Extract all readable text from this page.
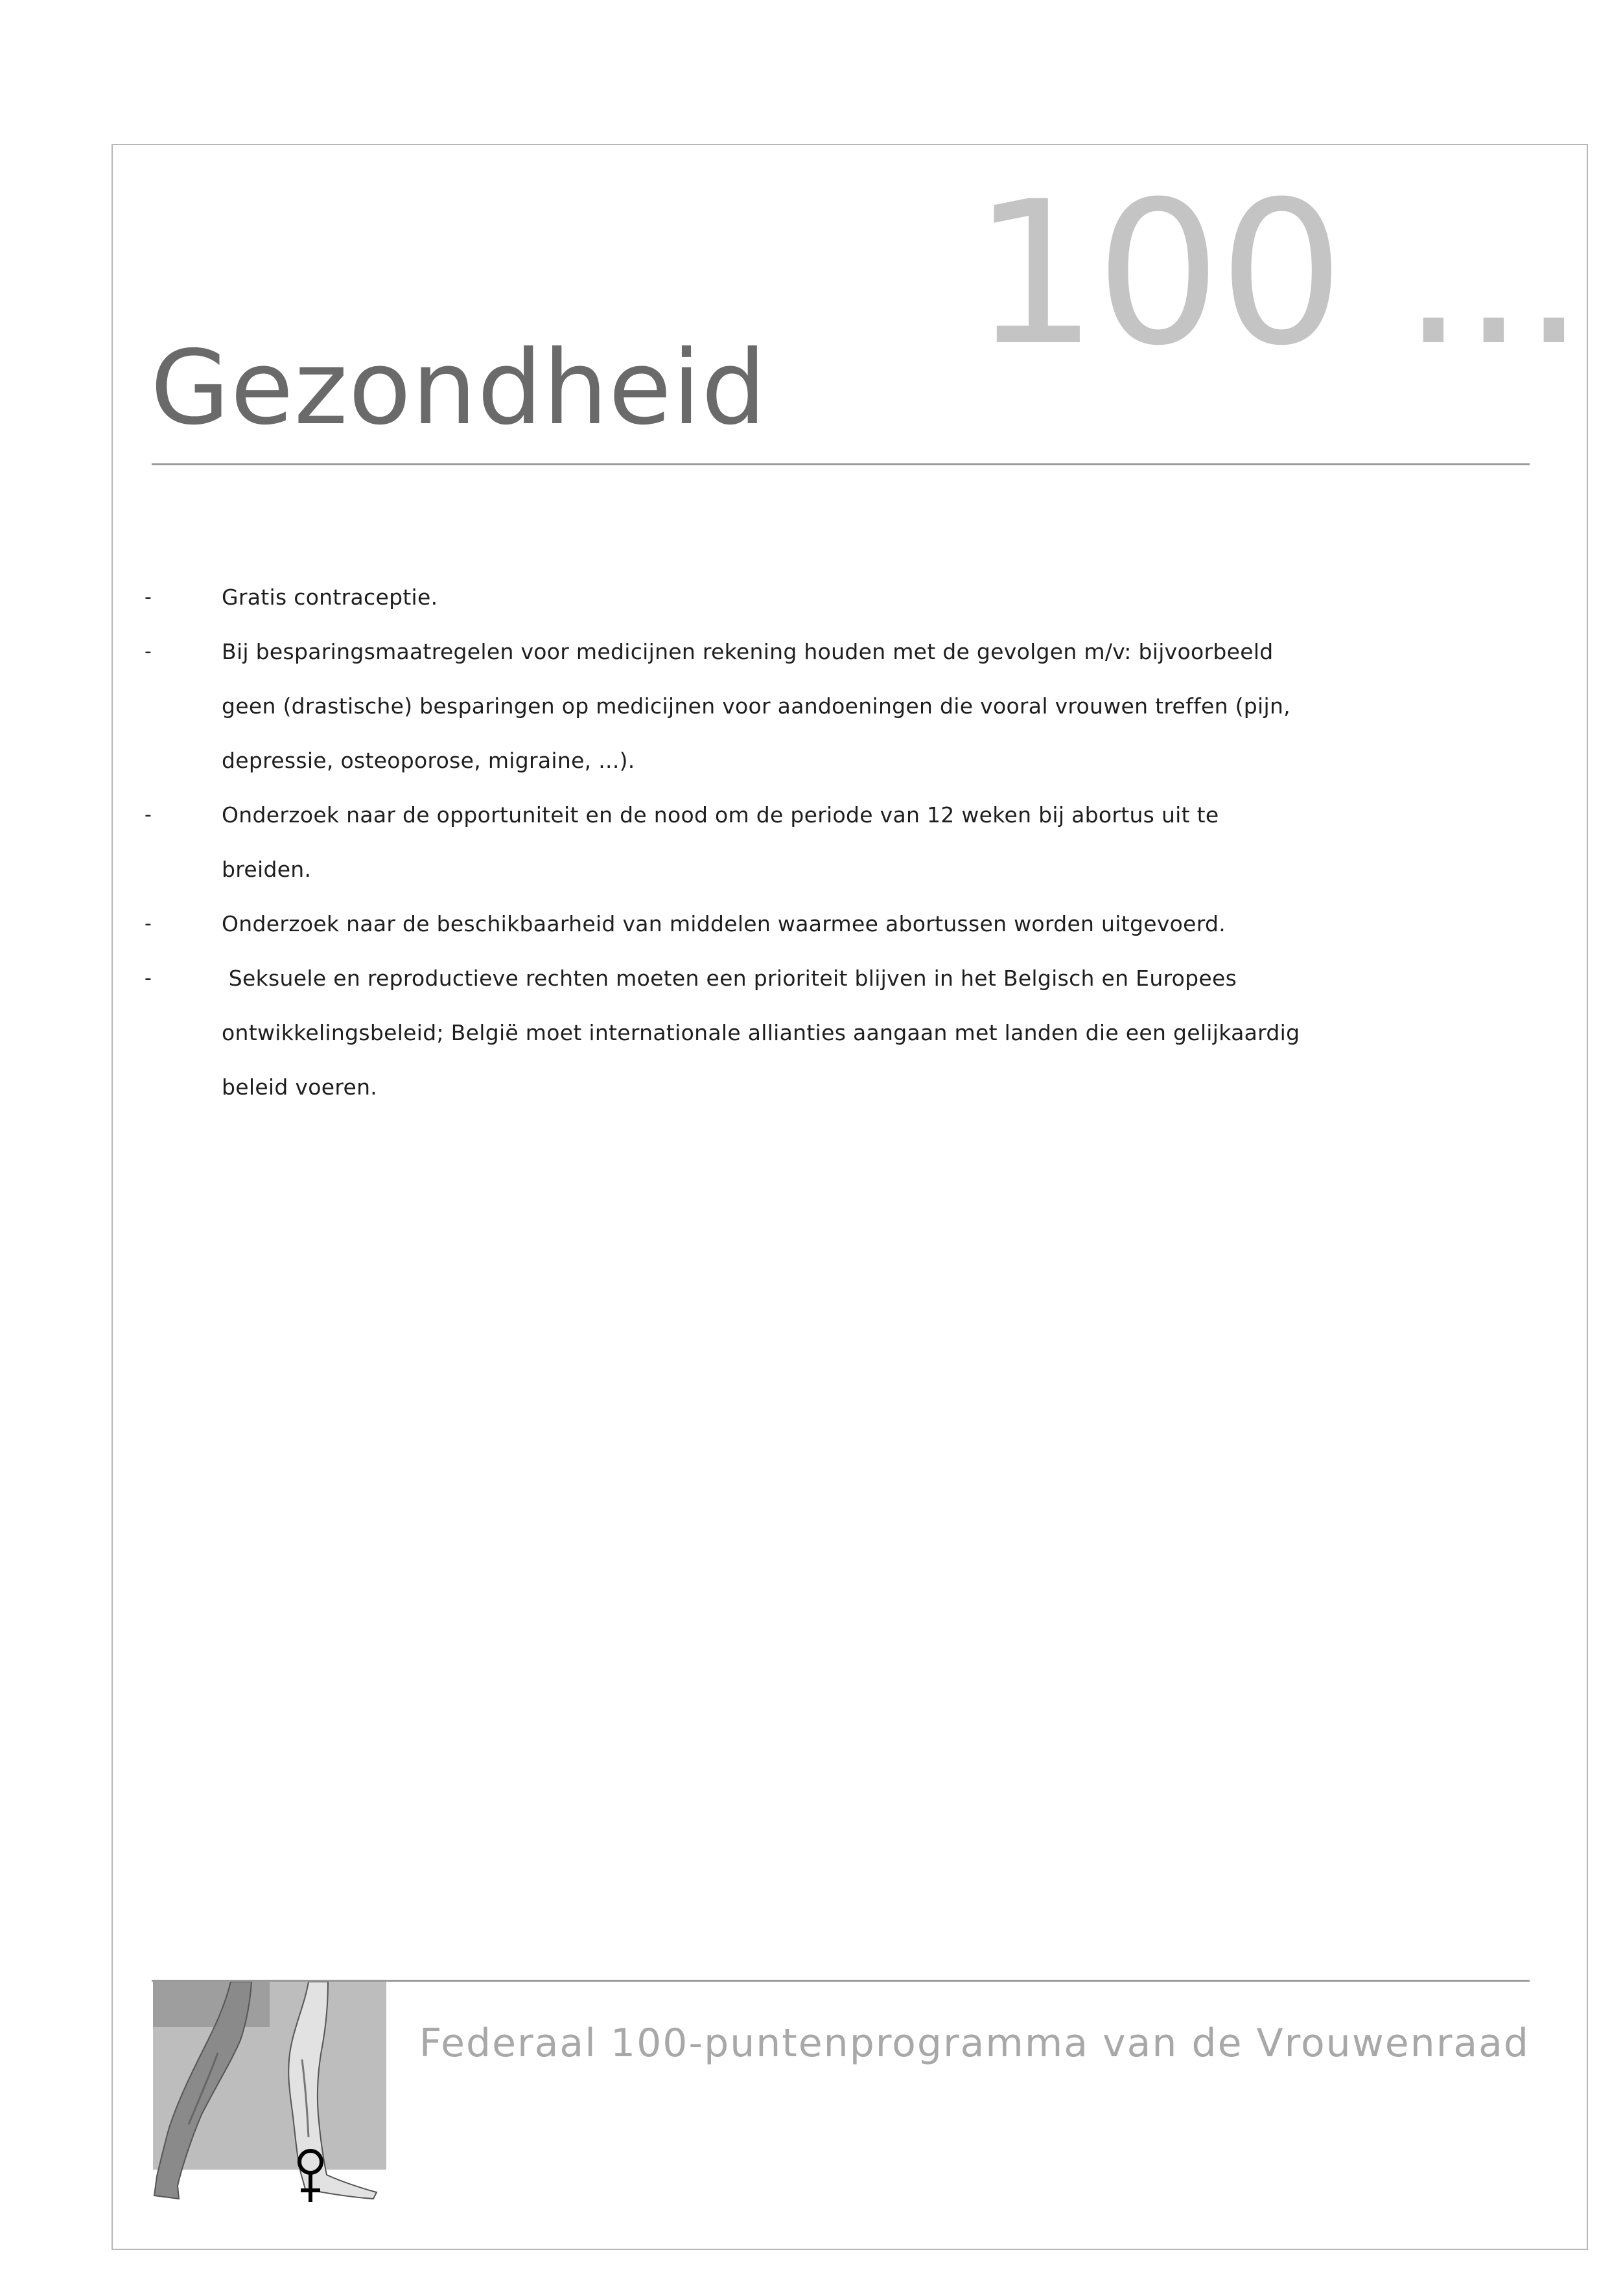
100 ...
Gezondheid
-	Gratis contraceptie.
-	Bij besparingsmaatregelen voor medicijnen rekening houden met de gevolgen m/v: bijvoorbeeld
geen (drastische) besparingen op medicijnen voor aandoeningen die vooral vrouwen treffen (pijn,
depressie, osteoporose, migraine, ...).
-	Onderzoek naar de opportuniteit en de nood om de periode van 12 weken bij abortus uit te
breiden.
-	Onderzoek naar de beschikbaarheid van middelen waarmee abortussen worden uitgevoerd.
-	Seksuele en reproductieve rechten moeten een prioriteit blijven in het Belgisch en Europees
ontwikkelingsbeleid; België moet internationale allianties aangaan met landen die een gelijkaardig
beleid voeren.
Federaal 100-puntenprogramma van de Vrouwenraad
